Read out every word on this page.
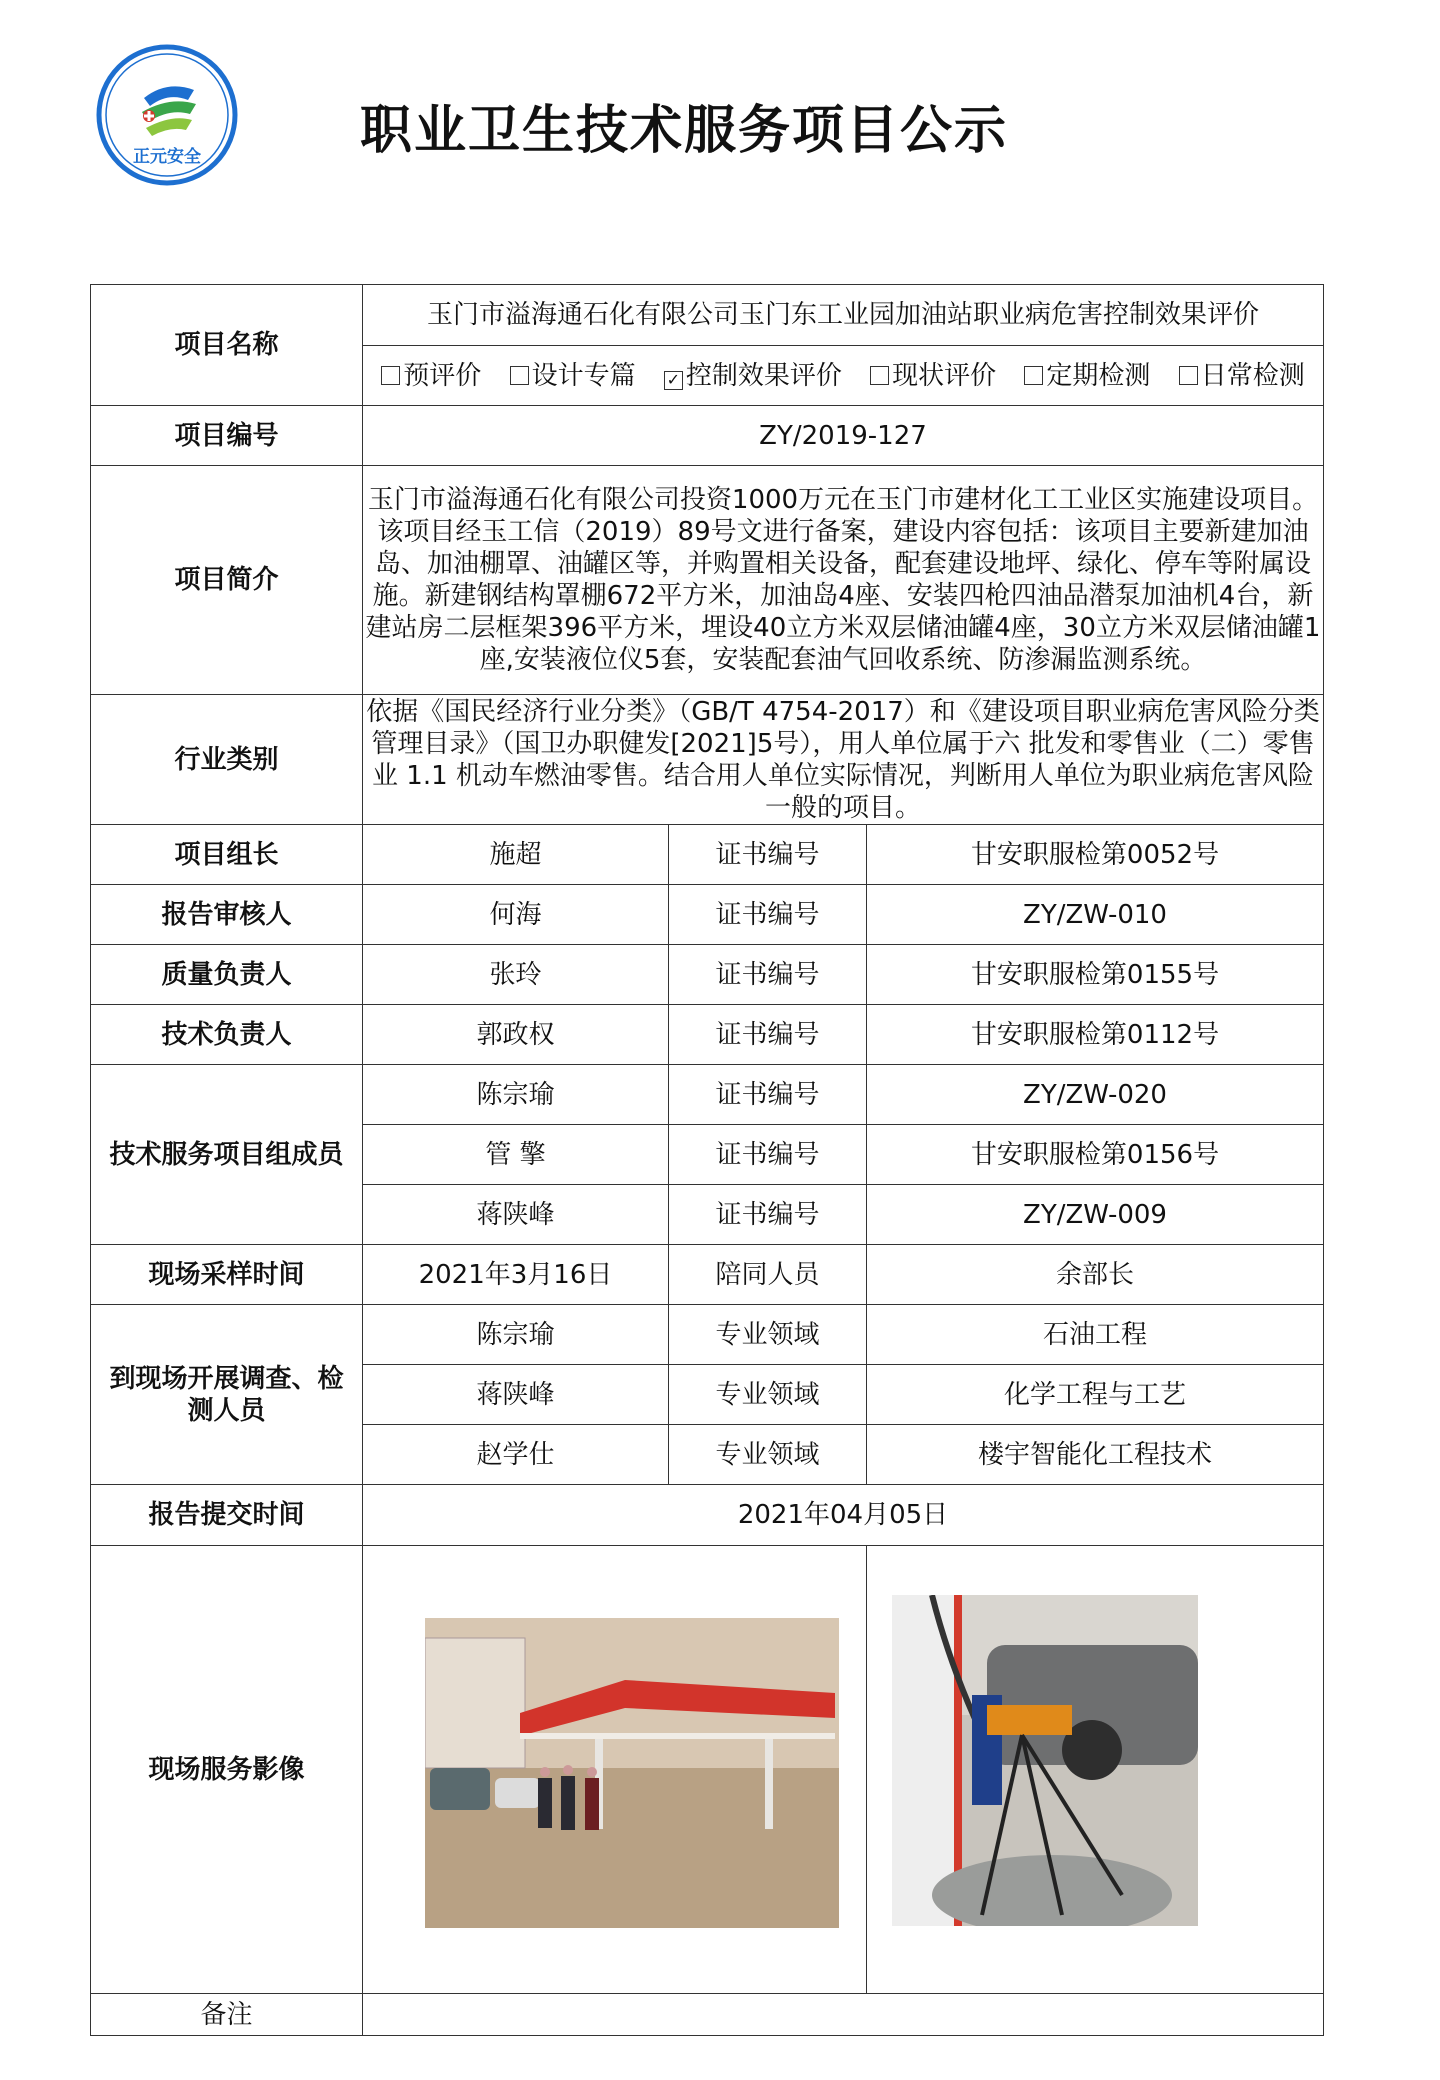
正元安全	职业卫生技术服务项目公示
项目名称	玉门市溢海通石化有限公司玉门东工业园加油站职业病危害控制效果评价		
	预评价 设计专篇 ✓ 控制效果评价 现状评价 定期检测 日常检测		
项目编号	ZY/2019-127		
项目简介	玉门市溢海通石化有限公司投资1000万元在玉门市建材化工工业区实施建设项目。该项目经玉工信（2019）89号文进行备案，建设内容包括：该项目主要新建加油岛、加油棚罩、油罐区等，并购置相关设备，配套建设地坪、绿化、停车等附属设施。新建钢结构罩棚672平方米，加油岛4座、安装四枪四油品潜泵加油机4台，新建站房二层框架396平方米，埋设40立方米双层储油罐4座，30立方米双层储油罐1座,安装液位仪5套，安装配套油气回收系统、防渗漏监测系统。		
行业类别	依据《国民经济行业分类》（GB/T 4754-2017）和《建设项目职业病危害风险分类管理目录》（国卫办职健发[2021]5号），用人单位属于六 批发和零售业（二）零售业 1.1 机动车燃油零售。结合用人单位实际情况，判断用人单位为职业病危害风险一般的项目。		
项目组长	施超	证书编号	甘安职服检第0052号
报告审核人	何海	证书编号	ZY/ZW-010
质量负责人	张玲	证书编号	甘安职服检第0155号
技术负责人	郭政权	证书编号	甘安职服检第0112号
技术服务项目组成员	陈宗瑜	证书编号	ZY/ZW-020
	管 擎	证书编号	甘安职服检第0156号
	蒋陕峰	证书编号	ZY/ZW-009
现场采样时间	2021年3月16日	陪同人员	余部长
到现场开展调查、检测人员	陈宗瑜	专业领域	石油工程
	蒋陕峰	专业领域	化学工程与工艺
	赵学仕	专业领域	楼宇智能化工程技术
报告提交时间	2021年04月05日		
现场服务影像	

备注			
